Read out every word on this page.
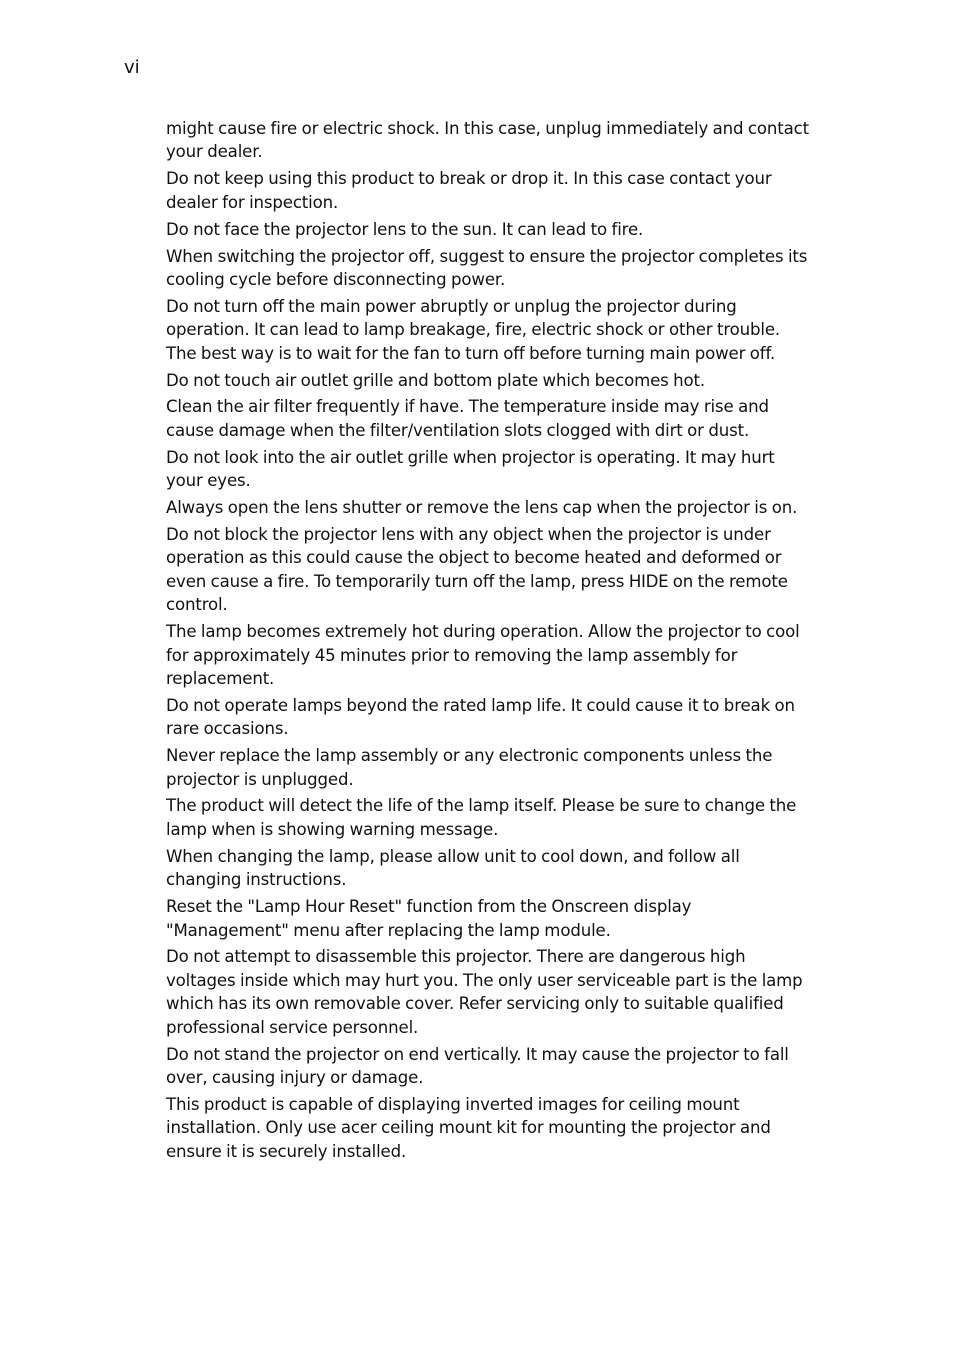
vi

might cause fire or electric shock. In this case, unplug immediately and contact your dealer.

Do not keep using this product to break or drop it. In this case contact your dealer for inspection.

Do not face the projector lens to the sun. It can lead to fire.

When switching the projector off, suggest to ensure the projector completes its cooling cycle before disconnecting power.

Do not turn off the main power abruptly or unplug the projector during operation. It can lead to lamp breakage, fire, electric shock or other trouble. The best way is to wait for the fan to turn off before turning main power off.

Do not touch air outlet grille and bottom plate which becomes hot.

Clean the air filter frequently if have. The temperature inside may rise and cause damage when the filter/ventilation slots clogged with dirt or dust.

Do not look into the air outlet grille when projector is operating. It may hurt your eyes.

Always open the lens shutter or remove the lens cap when the projector is on.

Do not block the projector lens with any object when the projector is under operation as this could cause the object to become heated and deformed or even cause a fire. To temporarily turn off the lamp, press HIDE on the remote control.

The lamp becomes extremely hot during operation. Allow the projector to cool for approximately 45 minutes prior to removing the lamp assembly for replacement.

Do not operate lamps beyond the rated lamp life. It could cause it to break on rare occasions.

Never replace the lamp assembly or any electronic components unless the projector is unplugged.

The product will detect the life of the lamp itself. Please be sure to change the lamp when is showing warning message.

When changing the lamp, please allow unit to cool down, and follow all changing instructions.

Reset the "Lamp Hour Reset" function from the Onscreen display "Management" menu after replacing the lamp module.

Do not attempt to disassemble this projector. There are dangerous high voltages inside which may hurt you. The only user serviceable part is the lamp which has its own removable cover. Refer servicing only to suitable qualified professional service personnel.

Do not stand the projector on end vertically. It may cause the projector to fall over, causing injury or damage.

This product is capable of displaying inverted images for ceiling mount installation. Only use acer ceiling mount kit for mounting the projector and ensure it is securely installed.
